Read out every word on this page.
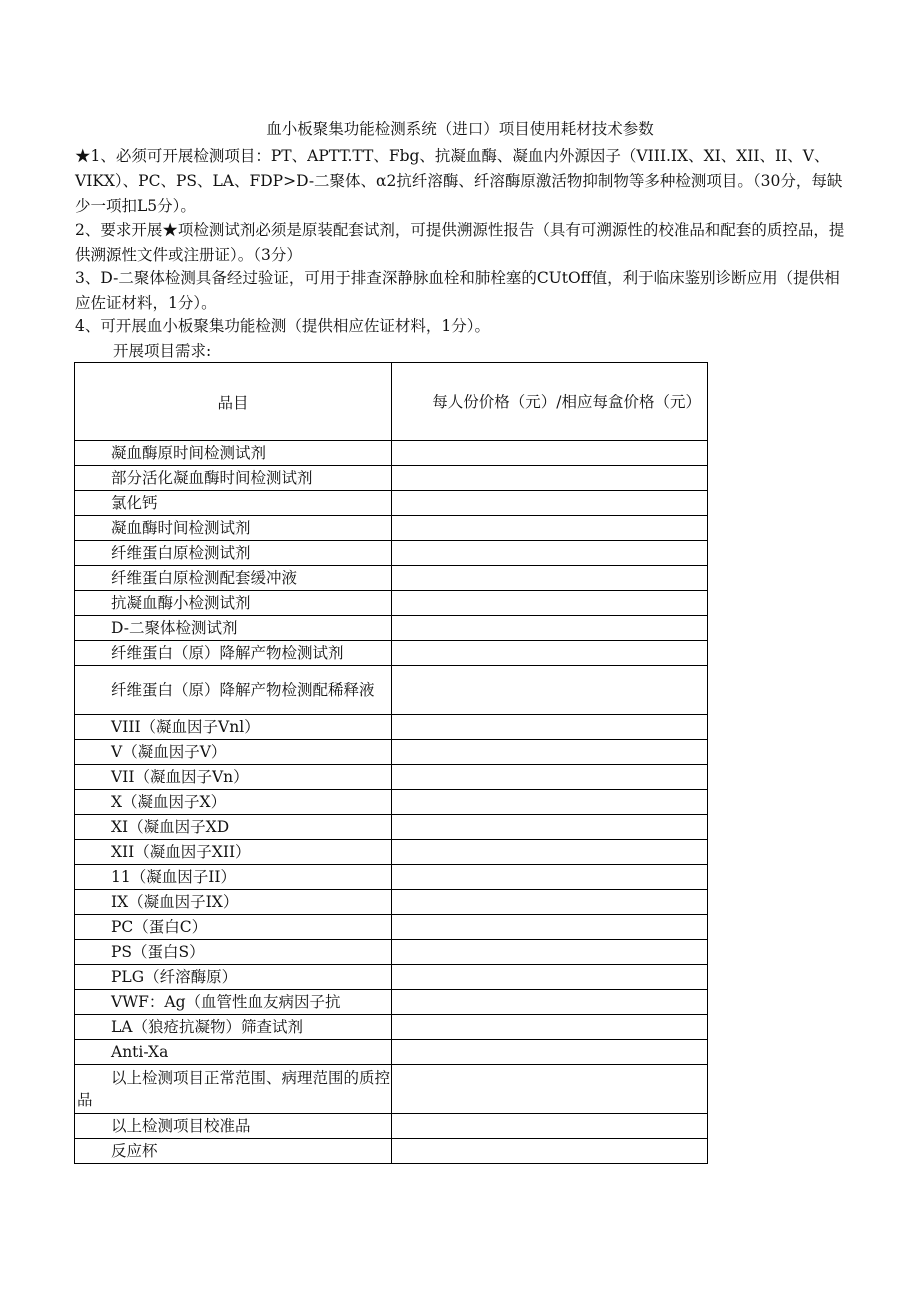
血小板聚集功能检测系统（进口）项目使用耗材技术参数

★1、必须可开展检测项目：PT、APTT.TT、Fbg、抗凝血酶、凝血内外源因子（VIII.IX、XI、XII、II、V、VIKX）、PC、PS、LA、FDP>D-二聚体、α2抗纤溶酶、纤溶酶原激活物抑制物等多种检测项目。（30分，每缺少一项扣L5分）。

2、要求开展★项检测试剂必须是原装配套试剂，可提供溯源性报告（具有可溯源性的校准品和配套的质控品，提供溯源性文件或注册证）。（3分）

3、D-二聚体检测具备经过验证，可用于排查深静脉血栓和肺栓塞的CUtOff值，利于临床鉴别诊断应用（提供相应佐证材料，1分）。

4、可开展血小板聚集功能检测（提供相应佐证材料，1分）。

开展项目需求:
品目	每人份价格（元）/相应每盒价格（元）
凝血酶原时间检测试剂	
部分活化凝血酶时间检测试剂	
氯化钙	
凝血酶时间检测试剂	
纤维蛋白原检测试剂	
纤维蛋白原检测配套缓冲液	
抗凝血酶小检测试剂	
D-二聚体检测试剂	
纤维蛋白（原）降解产物检测试剂	
纤维蛋白（原）降解产物检测配稀释液	
VIII（凝血因子Vnl）	
V（凝血因子V）	
VII（凝血因子Vn）	
X（凝血因子X）	
XI（凝血因子XD	
XII（凝血因子XII）	
11（凝血因子II）	
IX（凝血因子IX）	
PC（蛋白C）	
PS（蛋白S）	
PLG（纤溶酶原）	
VWF：Ag（血管性血友病因子抗	
LA（狼疮抗凝物）筛查试剂	
Anti-Xa	
以上检测项目正常范围、病理范围的质控品	
以上检测项目校准品	
反应杯	
